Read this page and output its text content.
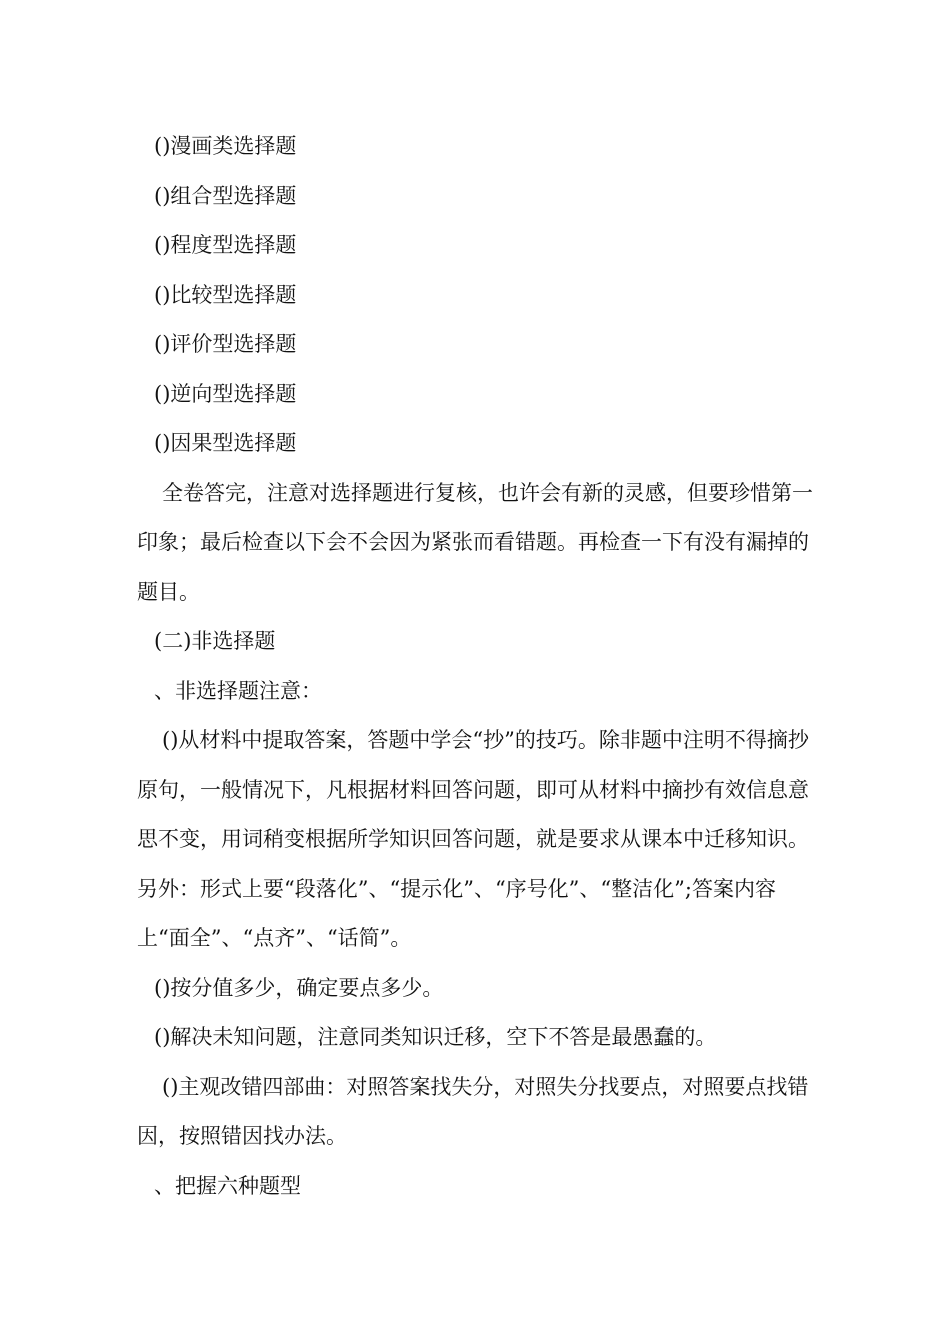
()漫画类选择题

()组合型选择题

()程度型选择题

()比较型选择题

()评价型选择题

()逆向型选择题

()因果型选择题

全卷答完，注意对选择题进行复核，也许会有新的灵感，但要珍惜第一印象；最后检查以下会不会因为紧张而看错题。再检查一下有没有漏掉的题目。

(二)非选择题

、非选择题注意：

()从材料中提取答案，答题中学会“抄”的技巧。除非题中注明不得摘抄原句，一般情况下，凡根据材料回答问题，即可从材料中摘抄有效信息意思不变，用词稍变根据所学知识回答问题，就是要求从课本中迁移知识。另外：形式上要“段落化”、“提示化”、“序号化”、“整洁化”;答案内容上“面全”、“点齐”、“话简”。

()按分值多少，确定要点多少。

()解决未知问题，注意同类知识迁移，空下不答是最愚蠢的。

()主观改错四部曲：对照答案找失分，对照失分找要点，对照要点找错因，按照错因找办法。

、把握六种题型
